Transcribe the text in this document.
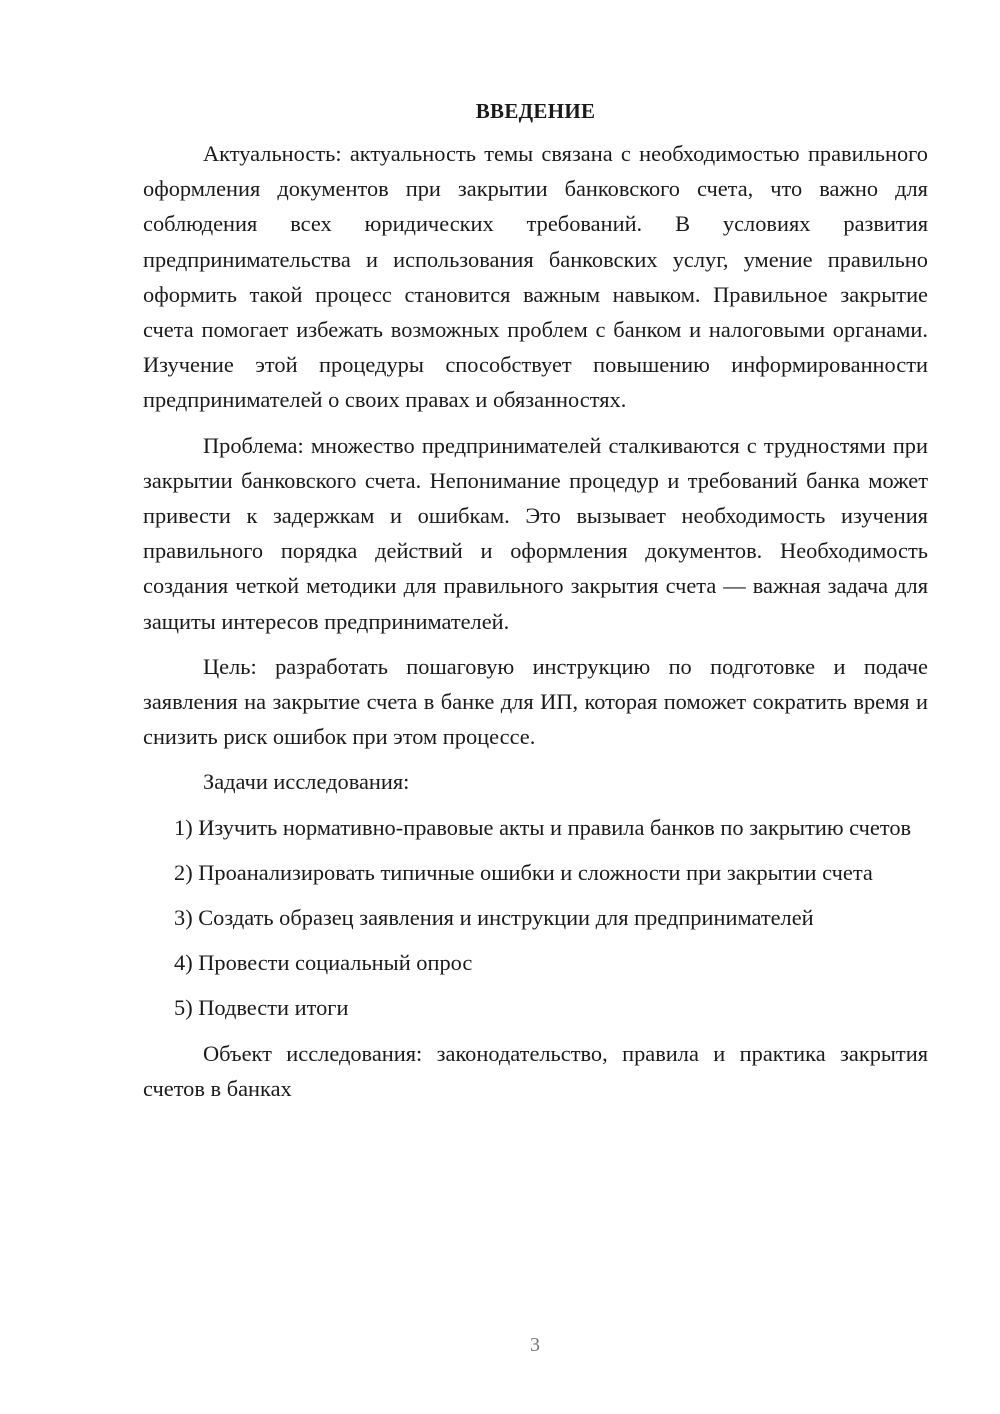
ВВЕДЕНИЕ

Актуальность: актуальность темы связана с необходимостью правильного оформления документов при закрытии банковского счета, что важно для соблюдения всех юридических требований. В условиях развития предпринимательства и использования банковских услуг, умение правильно оформить такой процесс становится важным навыком. Правильное закрытие счета помогает избежать возможных проблем с банком и налоговыми органами. Изучение этой процедуры способствует повышению информированности предпринимателей о своих правах и обязанностях.

Проблема: множество предпринимателей сталкиваются с трудностями при закрытии банковского счета. Непонимание процедур и требований банка может привести к задержкам и ошибкам. Это вызывает необходимость изучения правильного порядка действий и оформления документов. Необходимость создания четкой методики для правильного закрытия счета — важная задача для защиты интересов предпринимателей.

Цель: разработать пошаговую инструкцию по подготовке и подаче заявления на закрытие счета в банке для ИП, которая поможет сократить время и снизить риск ошибок при этом процессе.

Задачи исследования:

1) Изучить нормативно-правовые акты и правила банков по закрытию счетов

2) Проанализировать типичные ошибки и сложности при закрытии счета

3) Создать образец заявления и инструкции для предпринимателей

4) Провести социальный опрос

5) Подвести итоги

Объект исследования: законодательство, правила и практика закрытия счетов в банках

3
